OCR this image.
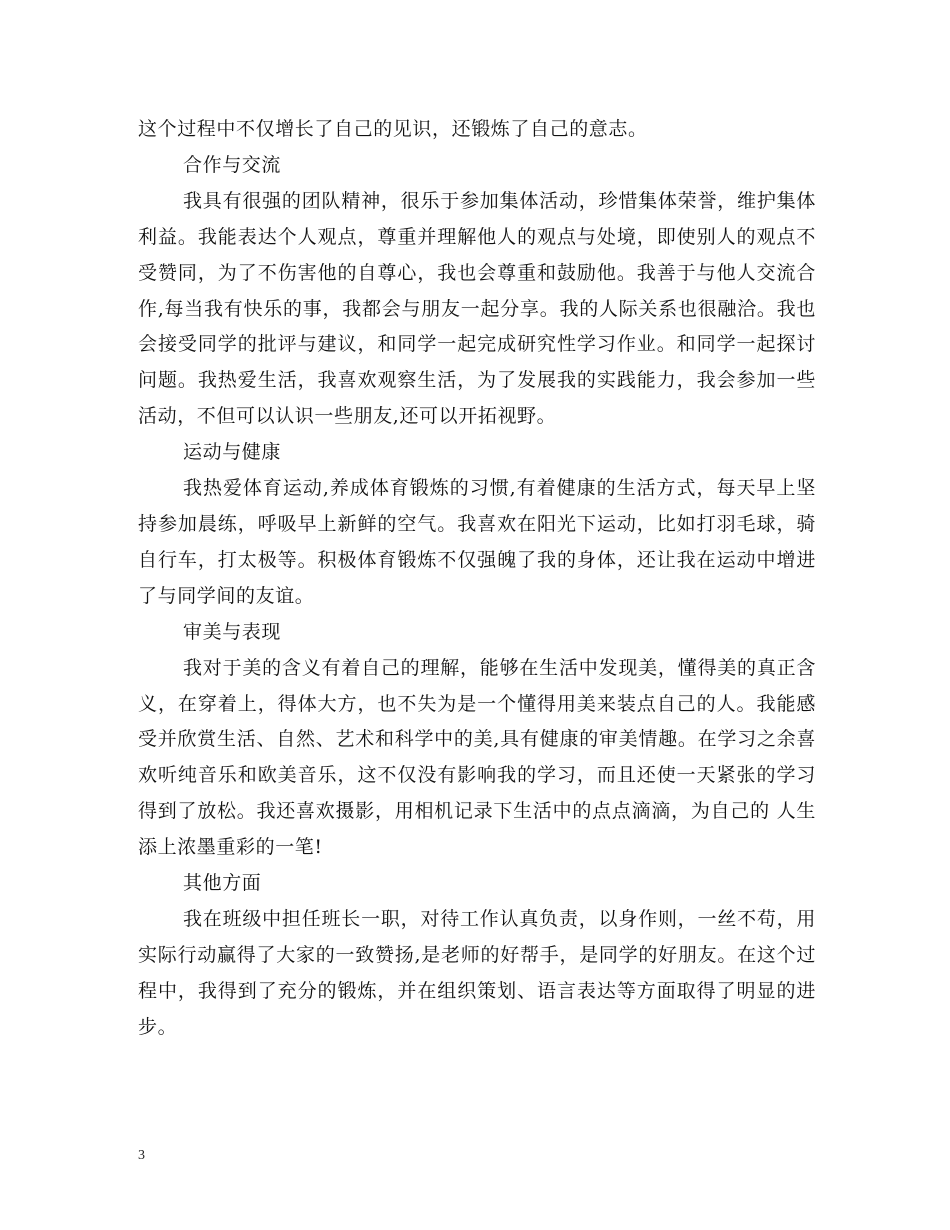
这个过程中不仅增长了自己的见识，还锻炼了自己的意志。

合作与交流

我具有很强的团队精神，很乐于参加集体活动，珍惜集体荣誉，维护集体利益。我能表达个人观点，尊重并理解他人的观点与处境，即使别人的观点不受赞同，为了不伤害他的自尊心，我也会尊重和鼓励他。我善于与他人交流合作,每当我有快乐的事，我都会与朋友一起分享。我的人际关系也很融洽。我也会接受同学的批评与建议，和同学一起完成研究性学习作业。和同学一起探讨问题。我热爱生活，我喜欢观察生活，为了发展我的实践能力，我会参加一些活动，不但可以认识一些朋友,还可以开拓视野。

运动与健康

我热爱体育运动,养成体育锻炼的习惯,有着健康的生活方式，每天早上坚持参加晨练，呼吸早上新鲜的空气。我喜欢在阳光下运动，比如打羽毛球，骑自行车，打太极等。积极体育锻炼不仅强魄了我的身体，还让我在运动中增进了与同学间的友谊。

审美与表现

我对于美的含义有着自己的理解，能够在生活中发现美，懂得美的真正含义，在穿着上，得体大方，也不失为是一个懂得用美来装点自己的人。我能感受并欣赏生活、自然、艺术和科学中的美,具有健康的审美情趣。在学习之余喜欢听纯音乐和欧美音乐，这不仅没有影响我的学习，而且还使一天紧张的学习得到了放松。我还喜欢摄影，用相机记录下生活中的点点滴滴，为自己的 人生添上浓墨重彩的一笔!

其他方面

我在班级中担任班长一职，对待工作认真负责，以身作则，一丝不苟，用实际行动赢得了大家的一致赞扬,是老师的好帮手，是同学的好朋友。在这个过程中，我得到了充分的锻炼，并在组织策划、语言表达等方面取得了明显的进步。

3
